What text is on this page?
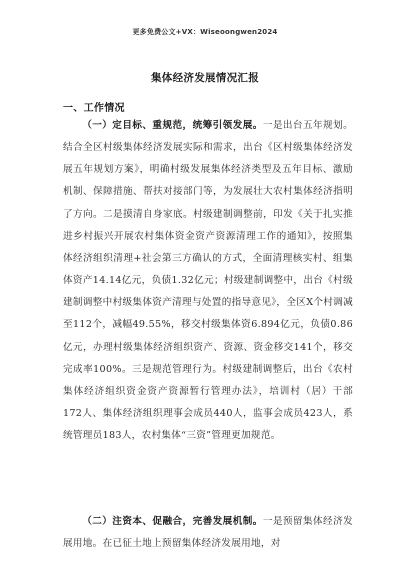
更多免费公文+VX：Wiseoongwen2024
集体经济发展情况汇报
一、工作情况

（一）定目标、重规范，统筹引领发展。一是出台五年规划。结合全区村级集体经济发展实际和需求，出台《区村级集体经济发展五年规划方案》，明确村级发展集体经济类型及五年目标、激励机制、保障措施、帮扶对接部门等，为发展壮大农村集体经济指明了方向。二是摸清自身家底。村级建制调整前，印发《关于扎实推进乡村振兴开展农村集体资金资产资源清理工作的通知》，按照集体经济组织清理+社会第三方确认的方式，全面清理核实村、组集体资产14.14亿元，负债1.32亿元；村级建制调整中，出台《村级建制调整中村级集体资产清理与处置的指导意见》，全区X个村调减至112个，减幅49.55%，移交村级集体资6.894亿元，负债0.86亿元，办理村级集体经济组织资产、资源、资金移交141个，移交完成率100%。三是规范管理行为。村级建制调整后，出台《农村集体经济组织资金资产资源暂行管理办法》，培训村（居）干部172人、集体经济组织理事会成员440人，监事会成员423人，系统管理员183人，农村集体“三资”管理更加规范。

（二）注资本、促融合，完善发展机制。一是预留集体经济发展用地。在已征土地上预留集体经济发展用地，对
